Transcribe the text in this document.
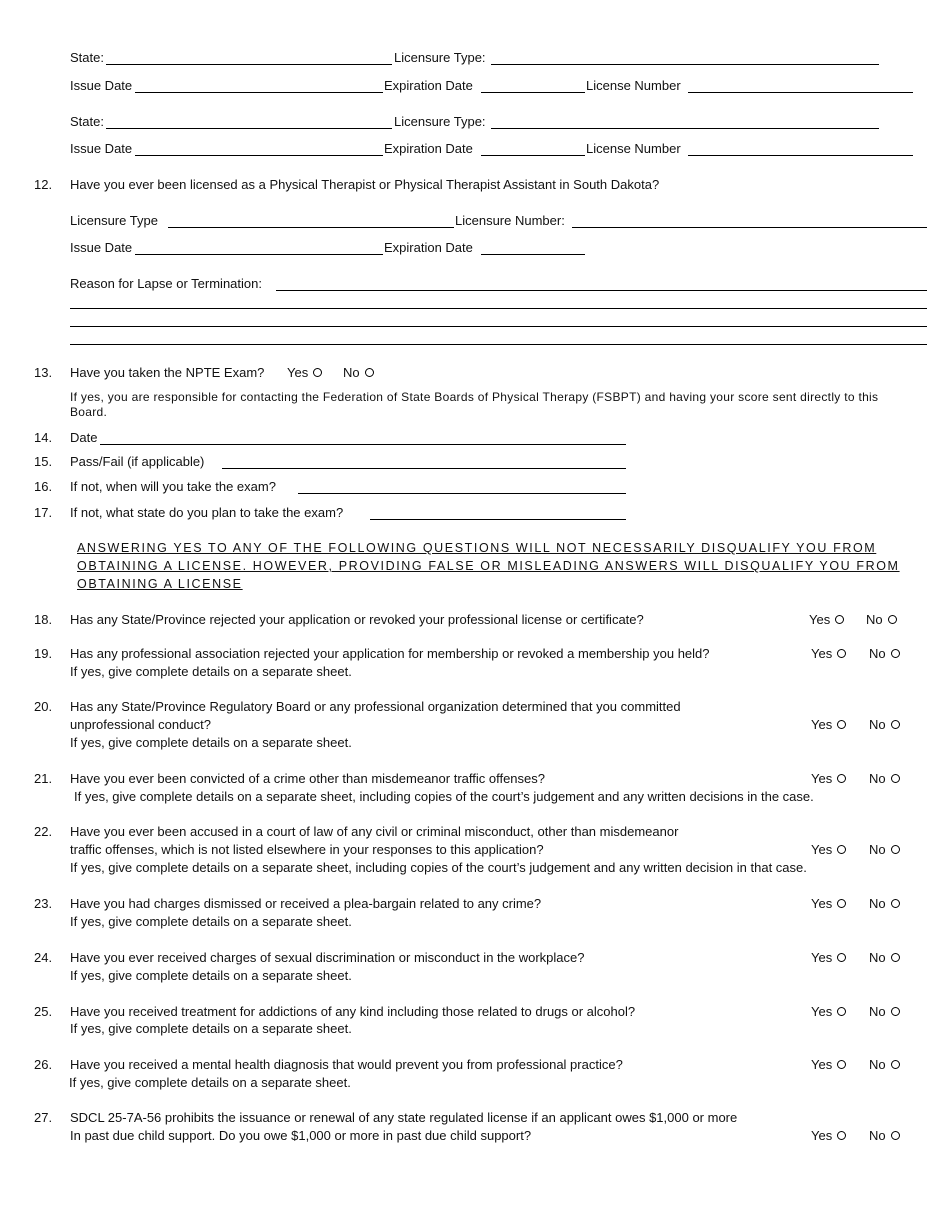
State:	Licensure Type:
Issue Date	Expiration Date	License Number
State:	Licensure Type:
Issue Date	Expiration Date	License Number
12. Have you ever been licensed as a Physical Therapist or Physical Therapist Assistant in South Dakota?
Licensure Type	Licensure Number:
Issue Date	Expiration Date
Reason for Lapse or Termination:
13. Have you taken the NPTE Exam? Yes	No
If yes, you are responsible for contacting the Federation of State Boards of Physical Therapy (FSBPT) and having your score sent directly to this Board.
14. Date
15. Pass/Fail (if applicable)
16. If not, when will you take the exam?
17. If not, what state do you plan to take the exam?
ANSWERING YES TO ANY OF THE FOLLOWING QUESTIONS WILL NOT NECESSARILY DISQUALIFY YOU FROM OBTAINING A LICENSE. HOWEVER, PROVIDING FALSE OR MISLEADING ANSWERS WILL DISQUALIFY YOU FROM OBTAINING A LICENSE
18. Has any State/Province rejected your application or revoked your professional license or certificate?	Yes	No
19. Has any professional association rejected your application for membership or revoked a membership you held?
If yes, give complete details on a separate sheet.
Yes	No
20. Has any State/Province Regulatory Board or any professional organization determined that you committed
unprofessional conduct?
If yes, give complete details on a separate sheet.
Yes	No
21. Have you ever been convicted of a crime other than misdemeanor traffic offenses?
If yes, give complete details on a separate sheet, including copies of the court’s judgement and any written decisions in the case.
Yes	No
22. Have you ever been accused in a court of law of any civil or criminal misconduct, other than misdemeanor
traffic offenses, which is not listed elsewhere in your responses to this application?
If yes, give complete details on a separate sheet, including copies of the court’s judgement and any written decision in that case.
Yes	No
23. Have you had charges dismissed or received a plea-bargain related to any crime?
If yes, give complete details on a separate sheet.
Yes	No
24. Have you ever received charges of sexual discrimination or misconduct in the workplace?
If yes, give complete details on a separate sheet.
Yes	No
25. Have you received treatment for addictions of any kind including those related to drugs or alcohol?
If yes, give complete details on a separate sheet.
Yes	No
26. Have you received a mental health diagnosis that would prevent you from professional practice?
If yes, give complete details on a separate sheet.
Yes	No
27. SDCL 25-7A-56 prohibits the issuance or renewal of any state regulated license if an applicant owes $1,000 or more
In past due child support. Do you owe $1,000 or more in past due child support?	Yes	No
